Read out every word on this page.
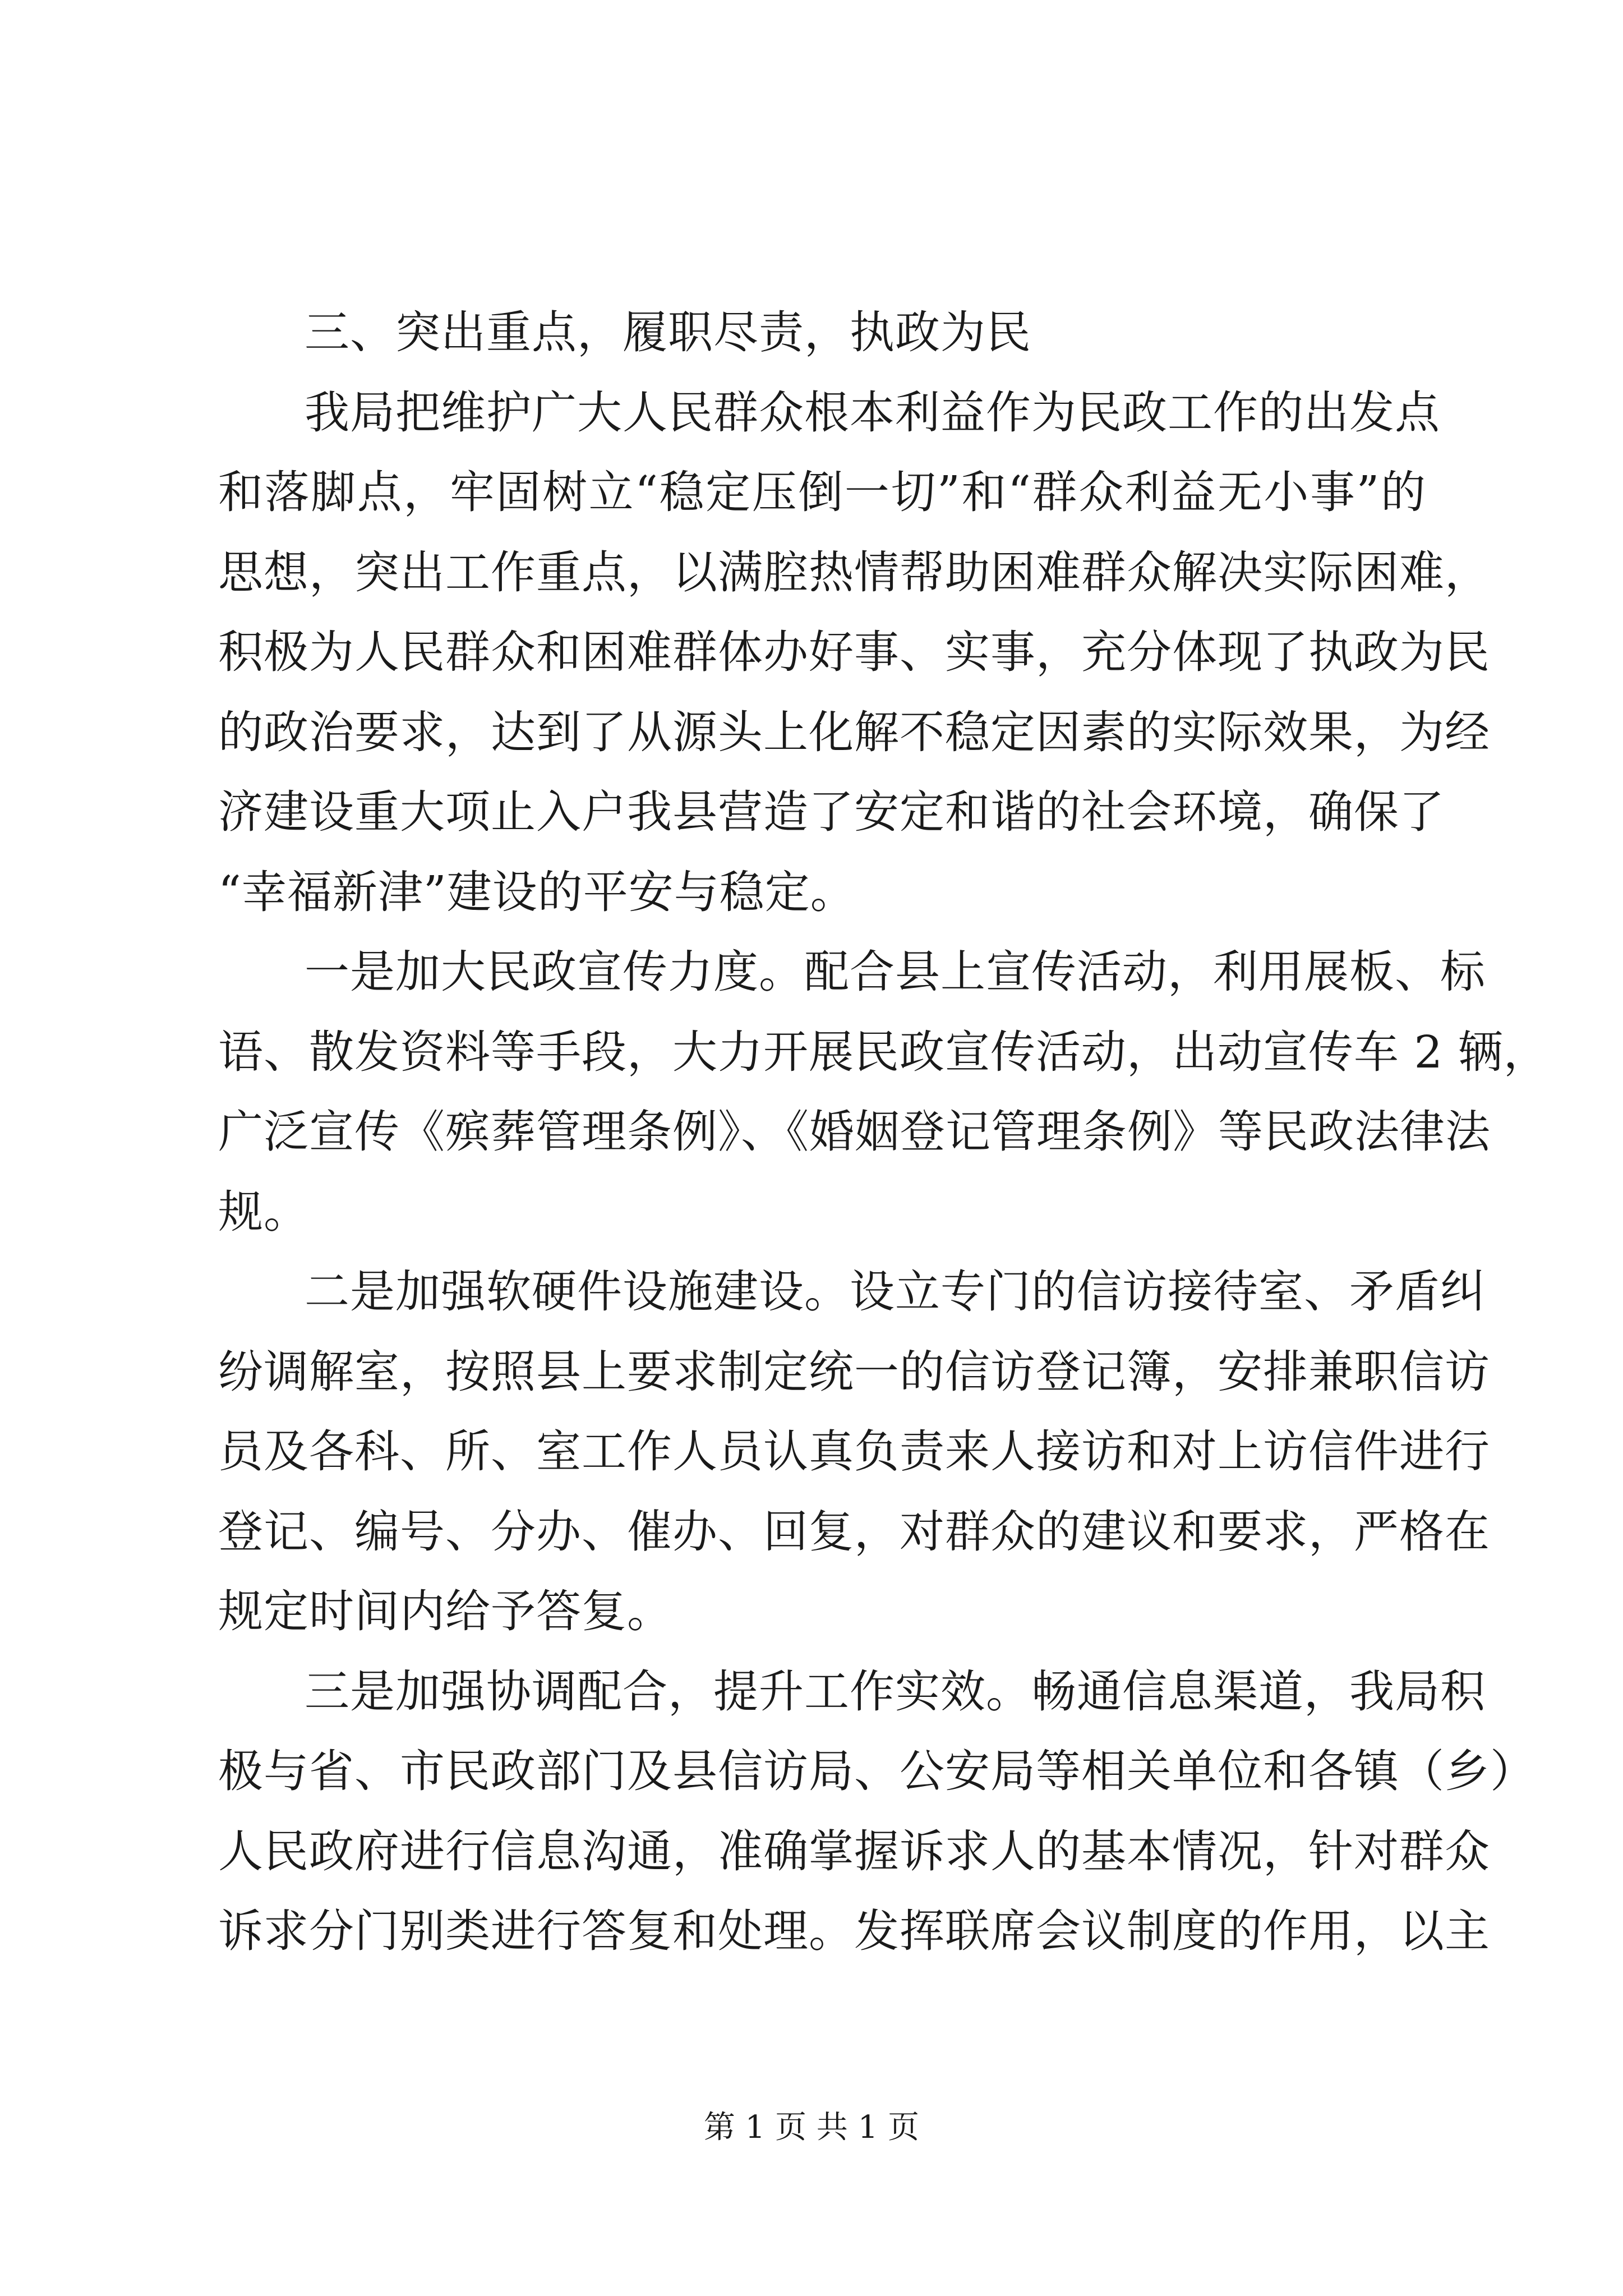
三、突出重点，履职尽责，执政为民
我局把维护广大人民群众根本利益作为民政工作的出发点
和落脚点，牢固树立“稳定压倒一切”和“群众利益无小事”的
思想，突出工作重点，以满腔热情帮助困难群众解决实际困难，
积极为人民群众和困难群体办好事、实事，充分体现了执政为民
的政治要求，达到了从源头上化解不稳定因素的实际效果，为经
济建设重大项止入户我县营造了安定和谐的社会环境，确保了
“幸福新津”建设的平安与稳定。
一是加大民政宣传力度。配合县上宣传活动，利用展板、标
语、散发资料等手段，大力开展民政宣传活动，出动宣传车 2 辆，
广泛宣传《殡葬管理条例》、《婚姻登记管理条例》等民政法律法
规。
二是加强软硬件设施建设。设立专门的信访接待室、矛盾纠
纷调解室，按照县上要求制定统一的信访登记簿，安排兼职信访
员及各科、所、室工作人员认真负责来人接访和对上访信件进行
登记、编号、分办、催办、回复，对群众的建议和要求，严格在
规定时间内给予答复。
三是加强协调配合，提升工作实效。畅通信息渠道，我局积
极与省、市民政部门及县信访局、公安局等相关单位和各镇（乡）
人民政府进行信息沟通，准确掌握诉求人的基本情况，针对群众
诉求分门别类进行答复和处理。发挥联席会议制度的作用，以主
第 1 页 共 1 页
